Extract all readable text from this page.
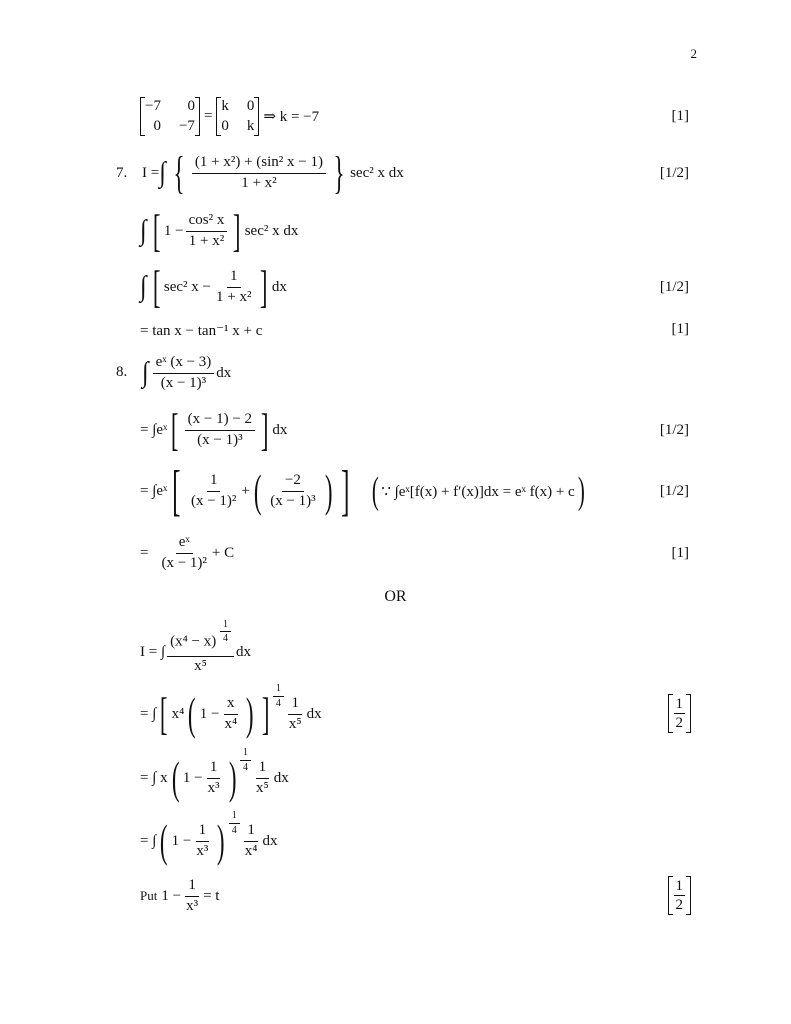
2
−7	0
0 −7
=
k 0
0 k
⇒ k = −7	[1]
7. I = ∫ { $\frac{\text{(1 + x²) + (sin² x − 1)}}{\text{1 + x²}}$ } sec² x dx	[1/2]
∫ [ $1 - \frac{\text{cos² x}}{\text{1 + x²}}$ ] sec² x dx
∫ [ sec² $x - \frac{1}{\text{1 + x²}}$ ] dx	[1/2]
= tan x − tan⁻¹ x + c	[1]
8. ∫ $\frac{\text{eˣ (x − 3)}}{\text{(x − 1)³}}$ dx
= ∫eˣ [ $\frac{(x - 1) - 2}{\text{(x − 1)³}}$ ] dx	[1/2]
= ∫eˣ [ $\frac{1}{\text{(x − 1)²}}$ + ( $\frac{-2}{\text{(x − 1)³}}$ ) ] ( ∵ ∫eˣ[f(x) + f′(x)]dx = eˣ f(x) + c )	[1/2]
= $\frac{\text{eˣ}}{\text{(x − 1)²}} + C$	[1]
OR
I = ∫ $\frac{(x^4 - x) \frac{1}{4}}{\text{x⁵}}$ dx
= ∫ [ x⁴ ( $1 - \frac{x}{\text{x⁴}}$ ) ] $\frac{1}{4} \frac{1}{\text{x⁵}}$ dx	$\frac{1}{2}$
= ∫ x ( $1 - \frac{1}{\text{x³}}$ ) $\frac{1}{4} \frac{1}{\text{x⁵}}$ dx
= ∫ ( $1 - \frac{1}{\text{x³}}$ ) $\frac{1}{4} \frac{1}{\text{x⁴}}$ dx
Put $1 - \frac{1}{\text{x³}} = t$	$\frac{1}{2}$
